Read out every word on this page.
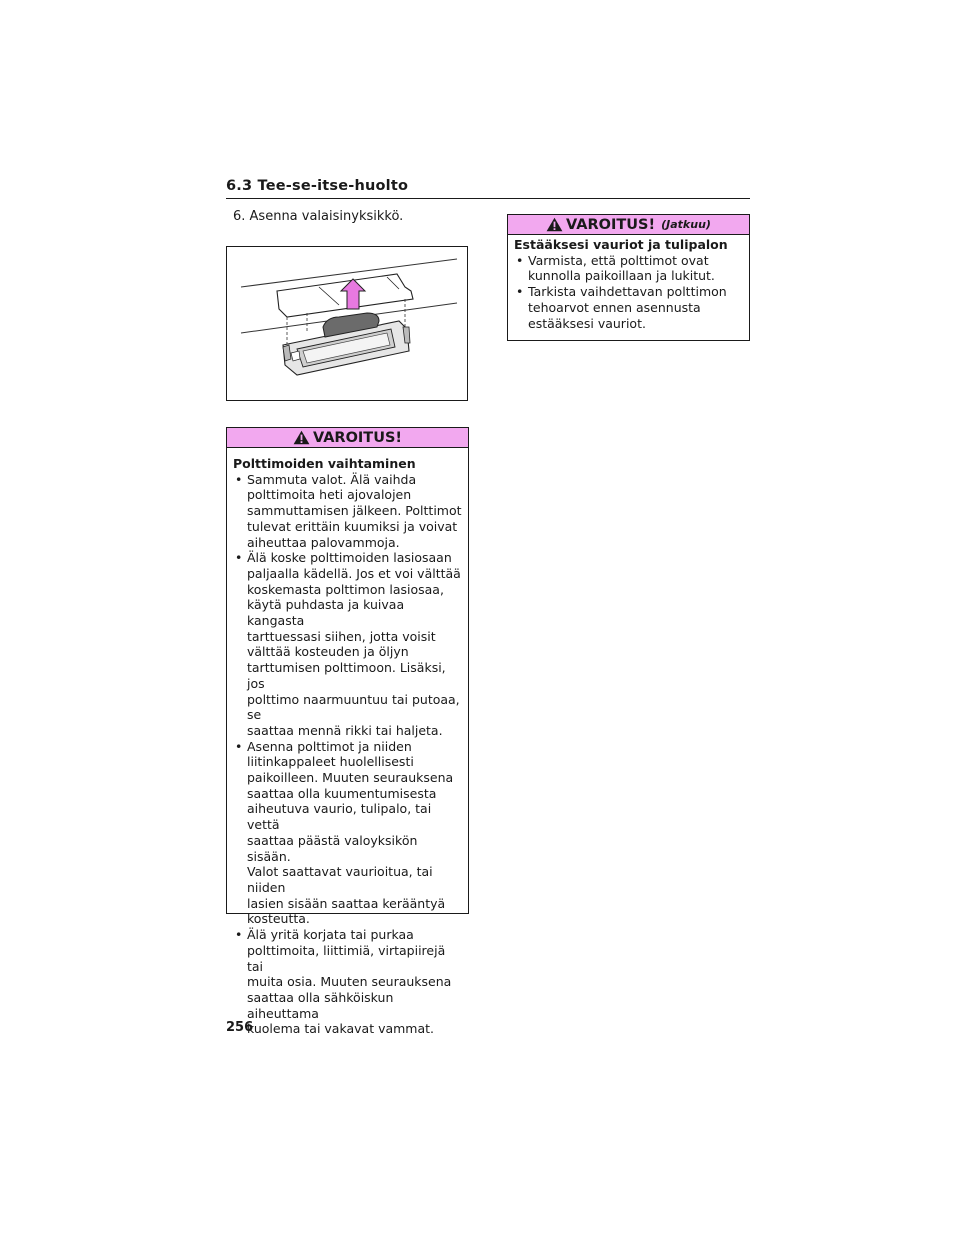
6.3 Tee-se-itse-huolto
6. Asenna valaisinyksikkö.
VAROITUS!
Polttimoiden vaihtaminen
• Sammuta valot. Älä vaihda
polttimoita heti ajovalojen
sammuttamisen jälkeen. Polttimot
tulevat erittäin kuumiksi ja voivat
aiheuttaa palovammoja.
• Älä koske polttimoiden lasiosaan
paljaalla kädellä. Jos et voi välttää
koskemasta polttimon lasiosaa,
käytä puhdasta ja kuivaa kangasta
tarttuessasi siihen, jotta voisit
välttää kosteuden ja öljyn
tarttumisen polttimoon. Lisäksi, jos
polttimo naarmuuntuu tai putoaa, se
saattaa mennä rikki tai haljeta.
• Asenna polttimot ja niiden
liitinkappaleet huolellisesti
paikoilleen. Muuten seurauksena
saattaa olla kuumentumisesta
aiheutuva vaurio, tulipalo, tai vettä
saattaa päästä valoyksikön sisään.
Valot saattavat vaurioitua, tai niiden
lasien sisään saattaa kerääntyä
kosteutta.
• Älä yritä korjata tai purkaa
polttimoita, liittimiä, virtapiirejä tai
muita osia. Muuten seurauksena
saattaa olla sähköiskun aiheuttama
kuolema tai vakavat vammat.
VAROITUS! (Jatkuu)
Estääksesi vauriot ja tulipalon
• Varmista, että polttimot ovat
kunnolla paikoillaan ja lukitut.
• Tarkista vaihdettavan polttimon
tehoarvot ennen asennusta
estääksesi vauriot.
256
